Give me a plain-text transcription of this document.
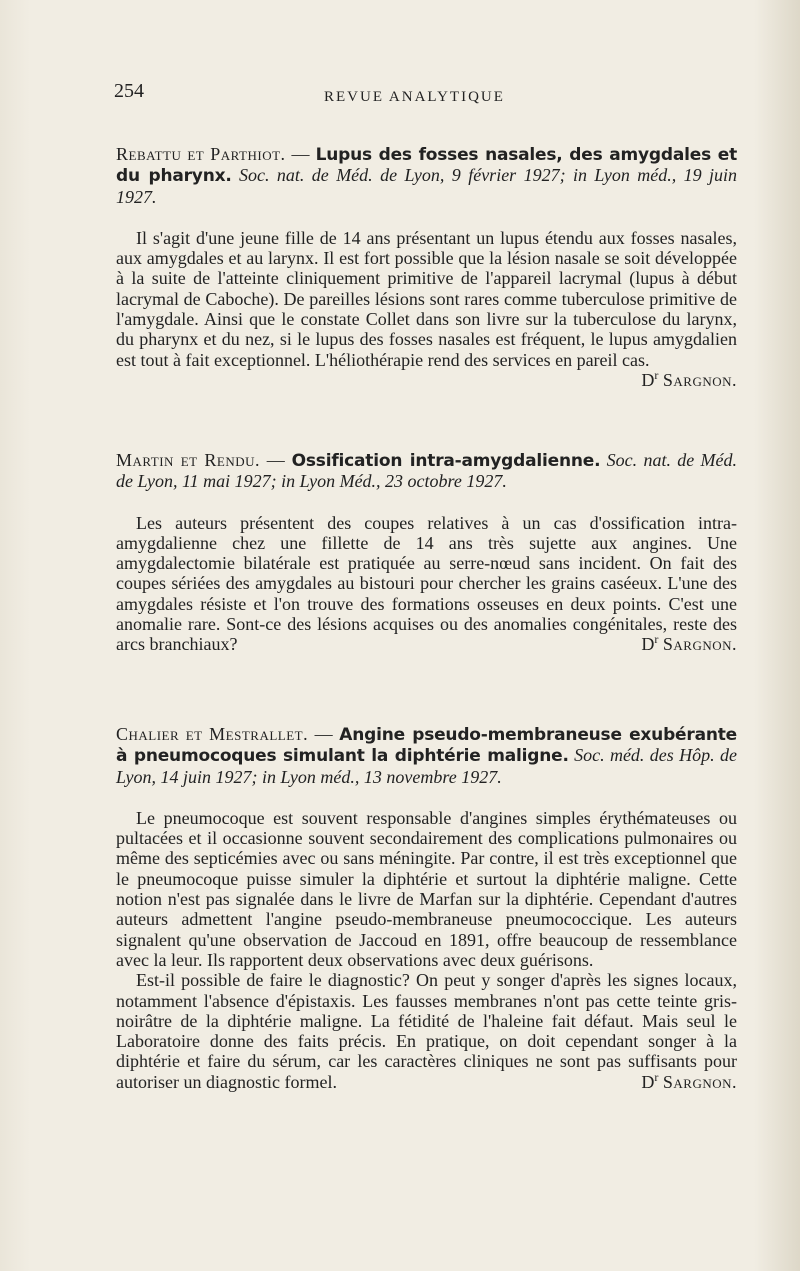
254	REVUE ANALYTIQUE

Rebattu et Parthiot. — Lupus des fosses nasales, des amygdales et du pharynx. Soc. nat. de Méd. de Lyon, 9 février 1927; in Lyon méd., 19 juin 1927.

Il s'agit d'une jeune fille de 14 ans présentant un lupus étendu aux fosses nasales, aux amygdales et au larynx. Il est fort possible que la lésion nasale se soit développée à la suite de l'atteinte cliniquement primitive de l'appareil lacrymal (lupus à début lacrymal de Caboche). De pareilles lésions sont rares comme tuberculose primitive de l'amygdale. Ainsi que le constate Collet dans son livre sur la tuberculose du larynx, du pharynx et du nez, si le lupus des fosses nasales est fréquent, le lupus amygdalien est tout à fait exceptionnel. L'héliothérapie rend des services en pareil cas.
$D^r$ Sargnon.

Martin et Rendu. — Ossification intra-amygdalienne. Soc. nat. de Méd. de Lyon, 11 mai 1927; in Lyon Méd., 23 octobre 1927.

Les auteurs présentent des coupes relatives à un cas d'ossification intra-amygdalienne chez une fillette de 14 ans très sujette aux angines. Une amygdalectomie bilatérale est pratiquée au serre-nœud sans incident. On fait des coupes sériées des amygdales au bistouri pour chercher les grains caséeux. L'une des amygdales résiste et l'on trouve des formations osseuses en deux points. C'est une anomalie rare. Sont-ce des lésions acquises ou des anomalies congénitales, reste des arcs branchiaux?	$D^r$ Sargnon.

Chalier et Mestrallet. — Angine pseudo-membraneuse exubérante à pneumocoques simulant la diphtérie maligne. Soc. méd. des Hôp. de Lyon, 14 juin 1927; in Lyon méd., 13 novembre 1927.

Le pneumocoque est souvent responsable d'angines simples érythémateuses ou pultacées et il occasionne souvent secondairement des complications pulmonaires ou même des septicémies avec ou sans méningite. Par contre, il est très exceptionnel que le pneumocoque puisse simuler la diphtérie et surtout la diphtérie maligne. Cette notion n'est pas signalée dans le livre de Marfan sur la diphtérie. Cependant d'autres auteurs admettent l'angine pseudo-membraneuse pneumococcique. Les auteurs signalent qu'une observation de Jaccoud en 1891, offre beaucoup de ressemblance avec la leur. Ils rapportent deux observations avec deux guérisons.

Est-il possible de faire le diagnostic? On peut y songer d'après les signes locaux, notamment l'absence d'épistaxis. Les fausses membranes n'ont pas cette teinte gris-noirâtre de la diphtérie maligne. La fétidité de l'haleine fait défaut. Mais seul le Laboratoire donne des faits précis. En pratique, on doit cependant songer à la diphtérie et faire du sérum, car les caractères cliniques ne sont pas suffisants pour autoriser un diagnostic formel.	$D^r$ Sargnon.
